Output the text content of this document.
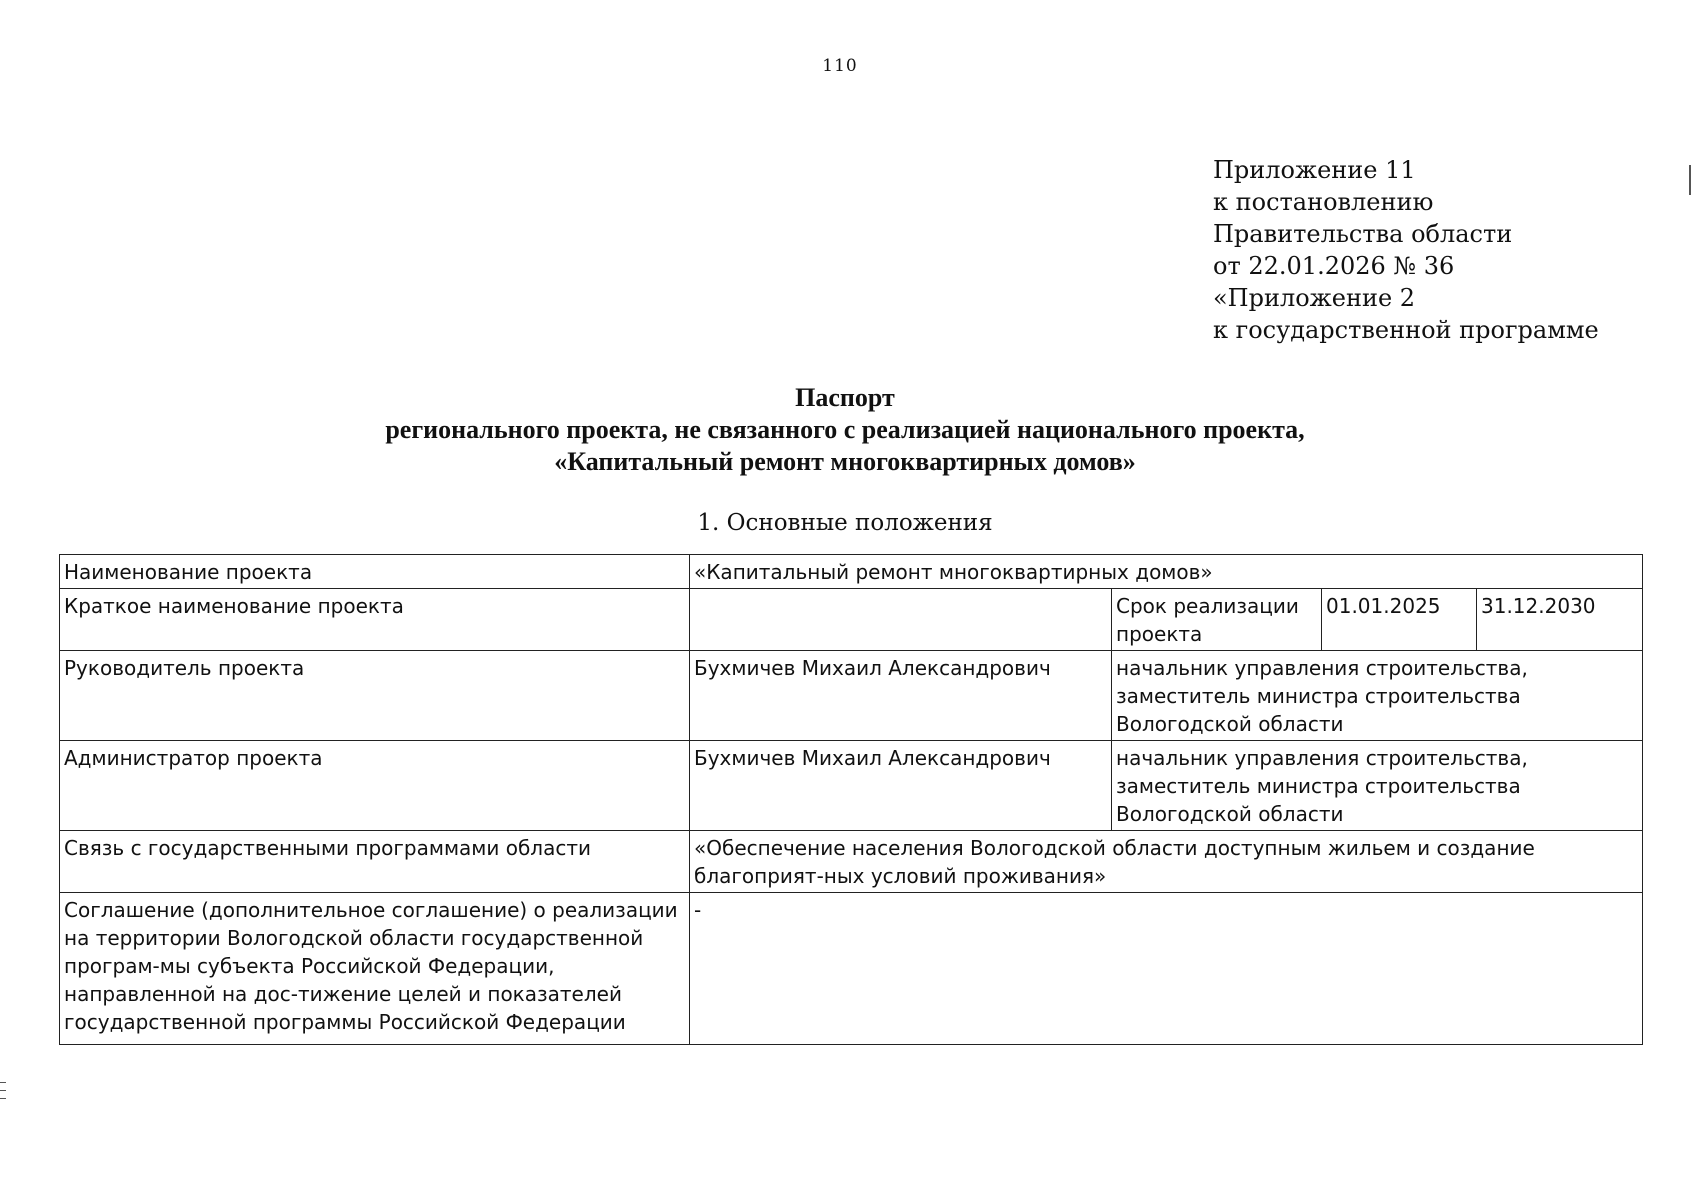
110
Приложение 11
к постановлению
Правительства области
от 22.01.2026 № 36
«Приложение 2
к государственной программе
Паспорт
регионального проекта, не связанного с реализацией национального проекта,
«Капитальный ремонт многоквартирных домов»
1. Основные положения
Наименование проекта	«Капитальный ремонт многоквартирных домов»			
Краткое наименование проекта		Срок реализации проекта	01.01.2025	31.12.2030
Руководитель проекта	Бухмичев Михаил Александрович	начальник управления строительства, заместитель министра строительства Вологодской области		
Администратор проекта	Бухмичев Михаил Александрович	начальник управления строительства, заместитель министра строительства Вологодской области		
Связь с государственными программами области	«Обеспечение населения Вологодской области доступным жильем и создание благоприят-ных условий проживания»			
Соглашение (дополнительное соглашение) о реализации на территории Вологодской области государственной програм-мы субъекта Российской Федерации, направленной на дос-тижение целей и показателей государственной программы Российской Федерации	-			
